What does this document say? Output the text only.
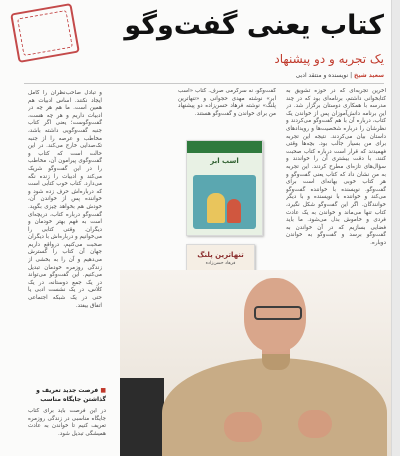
کتاب یعنی گفت‌وگو
یک تجربه و دو پیشنهاد
سعید شیخ | نویسنده و منتقد ادبی

آخرین تجربه‌ای که در حوزه تشویق به کتابخوانی داشتم، برنامه‌ای بود که در چند مدرسه با همکاری دوستان برگزار شد. در این برنامه دانش‌آموزان پس از خواندن یک کتاب، درباره آن با هم گفت‌وگو می‌کردند و نظرشان را درباره شخصیت‌ها و رویدادهای داستان بیان می‌کردند. نتیجه این تجربه برای من بسیار جالب بود. بچه‌ها وقتی فهمیدند که قرار است درباره کتاب صحبت کنند، با دقت بیشتری آن را خواندند و سؤال‌های تازه‌ای مطرح کردند. این تجربه به من نشان داد که کتاب یعنی گفت‌وگو و هر کتاب خوبی بهانه‌ای است برای گفت‌وگو. نویسنده با خواننده گفت‌وگو می‌کند و خواننده با نویسنده و با دیگر خوانندگان. اگر این گفت‌وگو شکل نگیرد، کتاب تنها می‌ماند و خواندن به یک عادت فردی و خاموش بدل می‌شود. ما باید فضایی بسازیم که در آن خواندن به گفت‌وگو برسد و گفت‌وگو به خواندن دوباره.

گفت‌وگو، نه سرگرمی صرف. کتاب «اسب ابر» نوشته مهدی حجوانی و «تنهاترین پلنگ» نوشته فرهاد حسن‌زاده دو پیشنهاد من برای خواندن و گفت‌وگو هستند.

و تبادل صاحب‌نظران را کامل ایجاد نکنند. اساس ادبیات هم همین است. ما هم هر چه در ادبیات داریم و هر چه هست، گفت‌وگوست؛ یعنی اگر کتاب جنبه گفت‌وگویی داشته باشد، مخاطب و عرصه را از جنبه تک‌صدایی خارج می‌کند. در این حالت است که کتاب و گفت‌وگوی پیرامون آن، مخاطب را در این گفت‌وگو شریک می‌کند و ادبیات را زنده نگه می‌دارد. کتاب خوب کتابی است که درباره‌اش حرف زده شود و خواننده پس از خواندن آن، خودش هم بخواهد چیزی بگوید. گفت‌وگو درباره کتاب، دریچه‌ای است به فهم بهتر خودمان و دیگران. وقتی کتابی را می‌خوانیم و درباره‌اش با دیگران صحبت می‌کنیم، درواقع داریم جهان آن کتاب را گسترش می‌دهیم و آن را به بخشی از زندگی روزمره خودمان تبدیل می‌کنیم. این گفت‌وگو می‌تواند در یک جمع دوستانه، در یک کلاس، در یک نشست ادبی یا حتی در یک شبکه اجتماعی اتفاق بیفتد.

■ فرصت جدید تعریف و گذاشتن جایگاه مناسب

در این فرصت باید برای کتاب جایگاه مناسبی در زندگی روزمره تعریف کنیم تا خواندن به عادت همیشگی تبدیل شود.

اسب ابر
تنهاترین پلنگ
فرهاد حسن‌زاده
